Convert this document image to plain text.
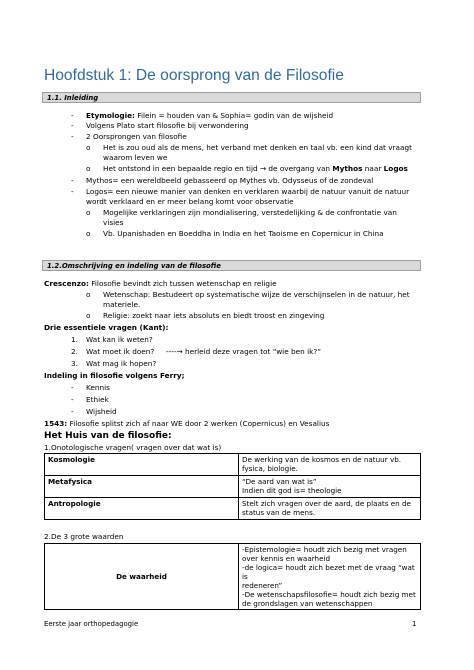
Hoofdstuk 1: De oorsprong van de Filosofie
1.1. Inleiding
- Etymologie: Filein = houden van & Sophia= godin van de wijsheid
- Volgens Plato start filosofie bij verwondering
- 2 Oorsprongen van filosofie
o Het is zou oud als de mens, het verband met denken en taal vb. een kind dat vraagt
waarom leven we
o Het ontstond in een bepaalde regio en tijd → de overgang van Mythos naar Logos
- Mythos= een wereldbeeld gebasseerd op Mythes vb. Odysseus of de zondeval
- Logos= een nieuwe manier van denken en verklaren waarbij de natuur vanuit de natuur
wordt verklaard en er meer belang komt voor observatie
o Mogelijke verklaringen zijn mondialisering, verstedelijking & de confrontatie van
visies
o Vb. Upanishaden en Boeddha in India en het Taoisme en Copernicur in China
1.2.Omschrijving en indeling van de filosofie
Crescenzo: Filosofie bevindt zich tussen wetenschap en religie
o Wetenschap: Bestudeert op systematische wijze de verschijnselen in de natuur, het
materiele.
o Religie: zoekt naar iets absoluts en biedt troost en zingeving
Drie essentiele vragen (Kant):
1. Wat kan ik weten?
2. Wat moet ik doen? ----→ herleid deze vragen tot “wie ben ik?”
3. Wat mag ik hopen?
Indeling in filosofie volgens Ferry;
- Kennis
- Ethiek
- Wijsheid
1543: Filosofie splitst zich af naar WE door 2 werken (Copernicus) en Vesalius
Het Huis van de filosofie:
1.Onotologische vragen( vragen over dat wat is)
Kosmologie	De werking van de kosmos en de natuur vb.
fysica, biologie.
Metafysica	“De aard van wat is”
Indien dit god is= theologie
Antropologie	Stelt zich vragen over de aard, de plaats en de
status van de mens.
2.De 3 grote waarden
De waarheid	-Epistemologie= houdt zich bezig met vragen
over kennis en waarheid
-de logica= houdt zich bezet met de vraag “wat is
redeneren”
-De wetenschapsfilosofie= houdt zich bezig met
de grondslagen van wetenschappen
Eerste jaar orthopedagogie	1
